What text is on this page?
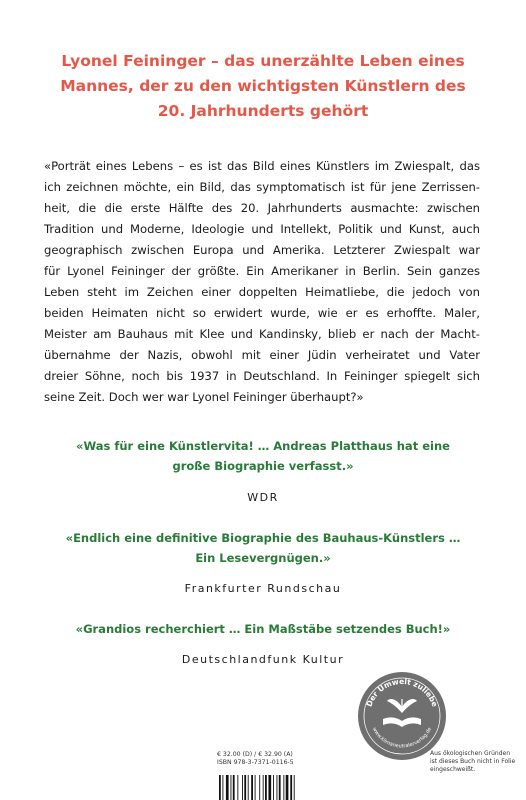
Lyonel Feininger – das unerzählte Leben eines
Mannes, der zu den wichtigsten Künstlern des
20. Jahrhunderts gehört
«Porträt eines Lebens – es ist das Bild eines Künstlers im Zwiespalt, das
ich zeichnen möchte, ein Bild, das symptomatisch ist für jene Zerrissen-
heit, die die erste Hälfte des 20. Jahrhunderts ausmachte: zwischen
Tradition und Moderne, Ideologie und Intellekt, Politik und Kunst, auch
geographisch zwischen Europa und Amerika. Letzterer Zwiespalt war
für Lyonel Feininger der größte. Ein Amerikaner in Berlin. Sein ganzes
Leben steht im Zeichen einer doppelten Heimatliebe, die jedoch von
beiden Heimaten nicht so erwidert wurde, wie er es erhoffte. Maler,
Meister am Bauhaus mit Klee und Kandinsky, blieb er nach der Macht-
übernahme der Nazis, obwohl mit einer Jüdin verheiratet und Vater
dreier Söhne, noch bis 1937 in Deutschland. In Feininger spiegelt sich
seine Zeit. Doch wer war Lyonel Feininger überhaupt?»
«Was für eine Künstlervita! … Andreas Platthaus hat eine
große Biographie verfasst.»
WDR
«Endlich eine definitive Biographie des Bauhaus-Künstlers …
Ein Lesevergnügen.»
Frankfurter Rundschau
«Grandios recherchiert … Ein Maßstäbe setzendes Buch!»
Deutschlandfunk Kultur
Der Umwelt zuliebe
www.klimaneutralerverlag.de
€ 32.00 (D) / € 32.90 (A)
ISBN 978-3-7371-0116-5
Aus ökologischen Gründen
ist dieses Buch nicht in Folie
eingeschweißt.
